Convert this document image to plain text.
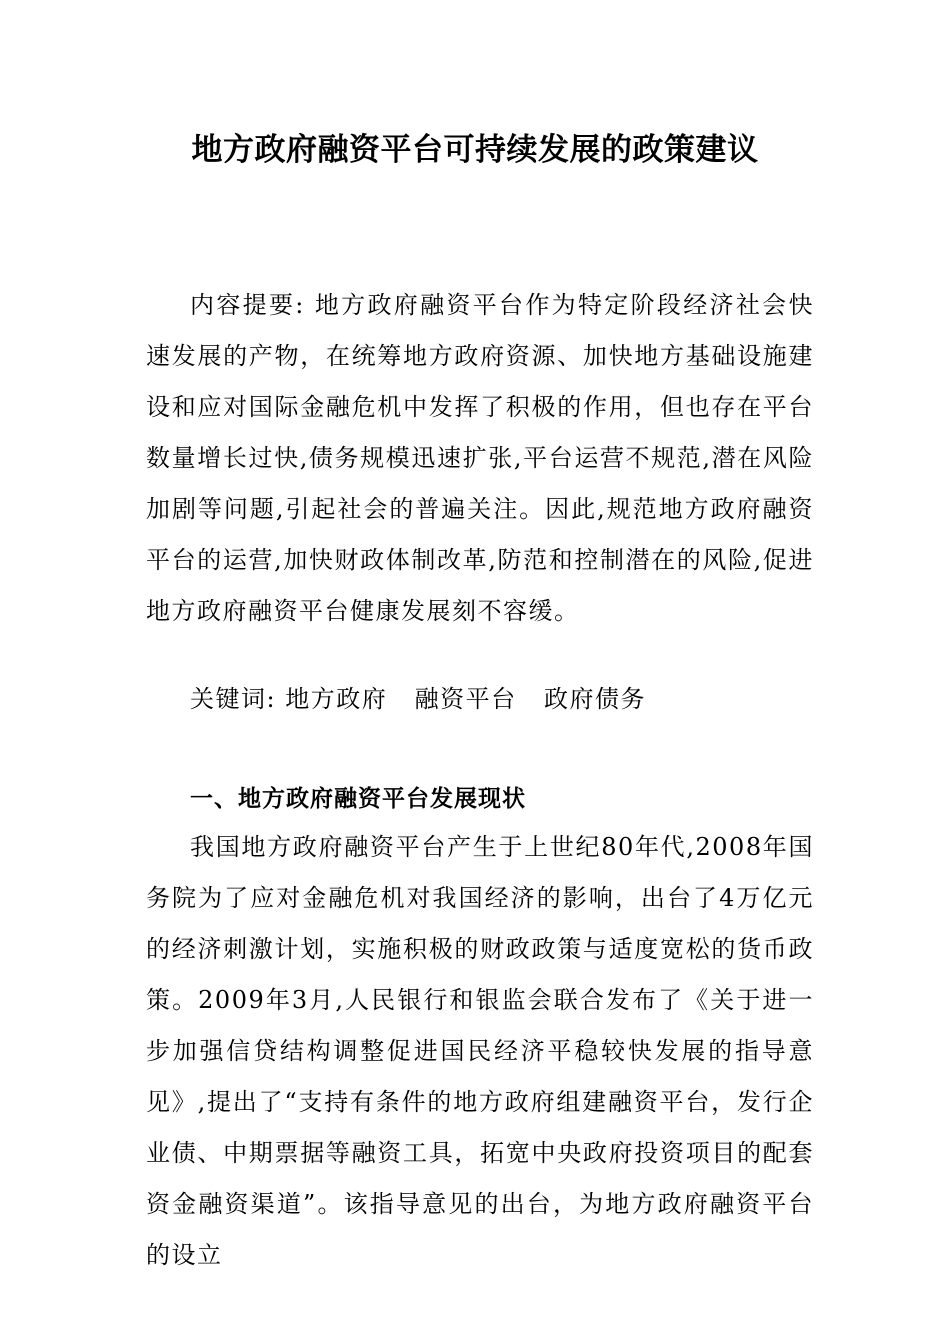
地方政府融资平台可持续发展的政策建议
内容提要: 地方政府融资平台作为特定阶段经济社会快速发展的产物，在统筹地方政府资源、加快地方基础设施建设和应对国际金融危机中发挥了积极的作用，但也存在平台数量增长过快,债务规模迅速扩张,平台运营不规范,潜在风险加剧等问题,引起社会的普遍关注。因此,规范地方政府融资平台的运营,加快财政体制改革,防范和控制潜在的风险,促进地方政府融资平台健康发展刻不容缓。
关键词: 地方政府 融资平台 政府债务
一、地方政府融资平台发展现状
我国地方政府融资平台产生于上世纪80年代,2008年国务院为了应对金融危机对我国经济的影响，出台了4万亿元的经济刺激计划，实施积极的财政政策与适度宽松的货币政策。2009年3月,人民银行和银监会联合发布了《关于进一步加强信贷结构调整促进国民经济平稳较快发展的指导意见》,提出了“支持有条件的地方政府组建融资平台，发行企业债、中期票据等融资工具，拓宽中央政府投资项目的配套资金融资渠道”。该指导意见的出台，为地方政府融资平台的设立
